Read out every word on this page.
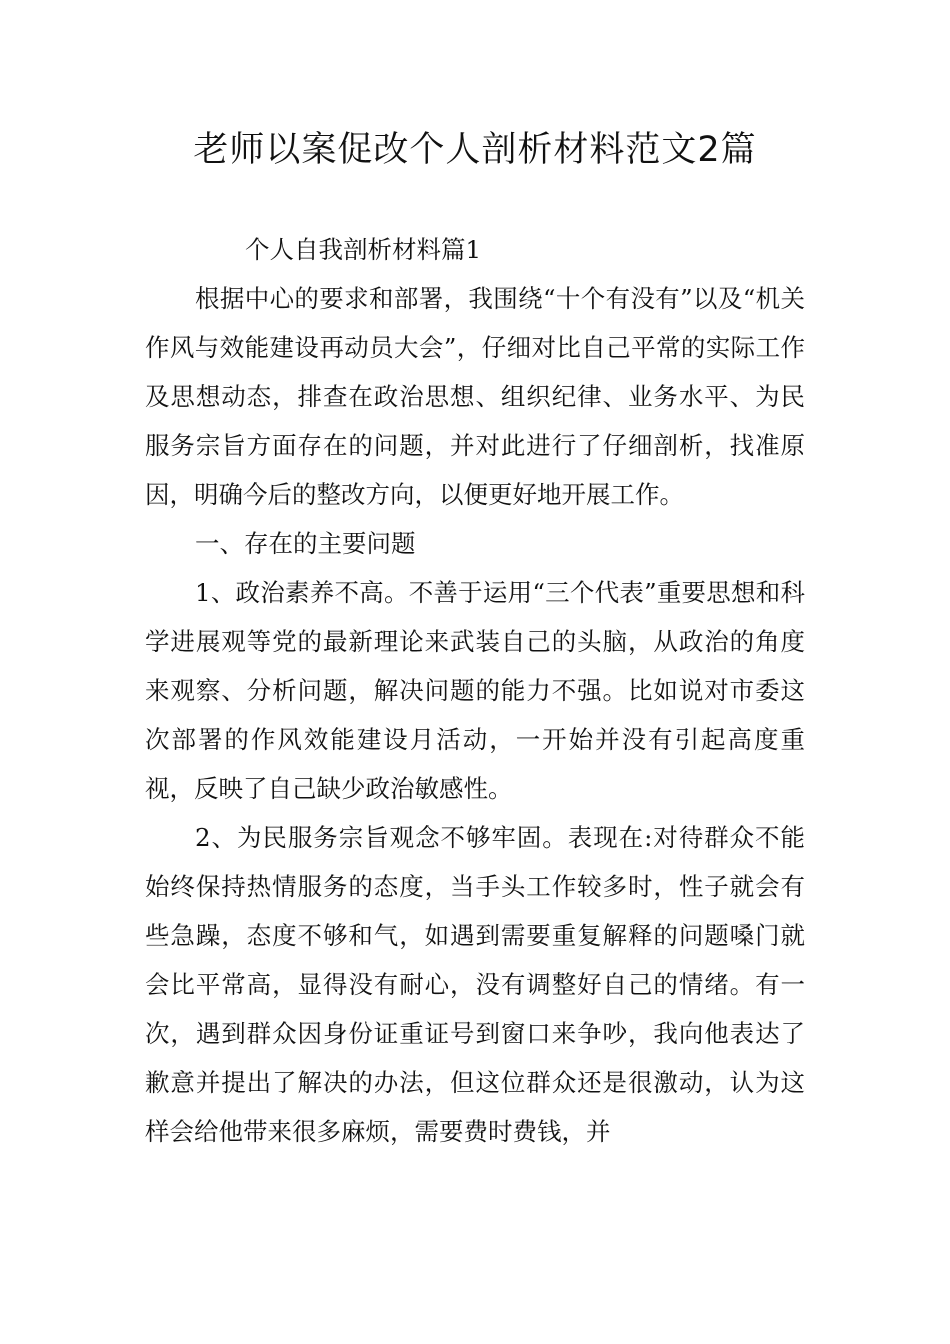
老师以案促改个人剖析材料范文2篇

个人自我剖析材料篇1

根据中心的要求和部署，我围绕“十个有没有”以及“机关作风与效能建设再动员大会”，仔细对比自己平常的实际工作及思想动态，排查在政治思想、组织纪律、业务水平、为民服务宗旨方面存在的问题，并对此进行了仔细剖析，找准原因，明确今后的整改方向，以便更好地开展工作。

一、存在的主要问题

1、政治素养不高。不善于运用“三个代表”重要思想和科学进展观等党的最新理论来武装自己的头脑，从政治的角度来观察、分析问题，解决问题的能力不强。比如说对市委这次部署的作风效能建设月活动，一开始并没有引起高度重视，反映了自己缺少政治敏感性。

2、为民服务宗旨观念不够牢固。表现在:对待群众不能始终保持热情服务的态度，当手头工作较多时，性子就会有些急躁，态度不够和气，如遇到需要重复解释的问题嗓门就会比平常高，显得没有耐心，没有调整好自己的情绪。有一次，遇到群众因身份证重证号到窗口来争吵，我向他表达了歉意并提出了解决的办法，但这位群众还是很激动，认为这样会给他带来很多麻烦，需要费时费钱，并
